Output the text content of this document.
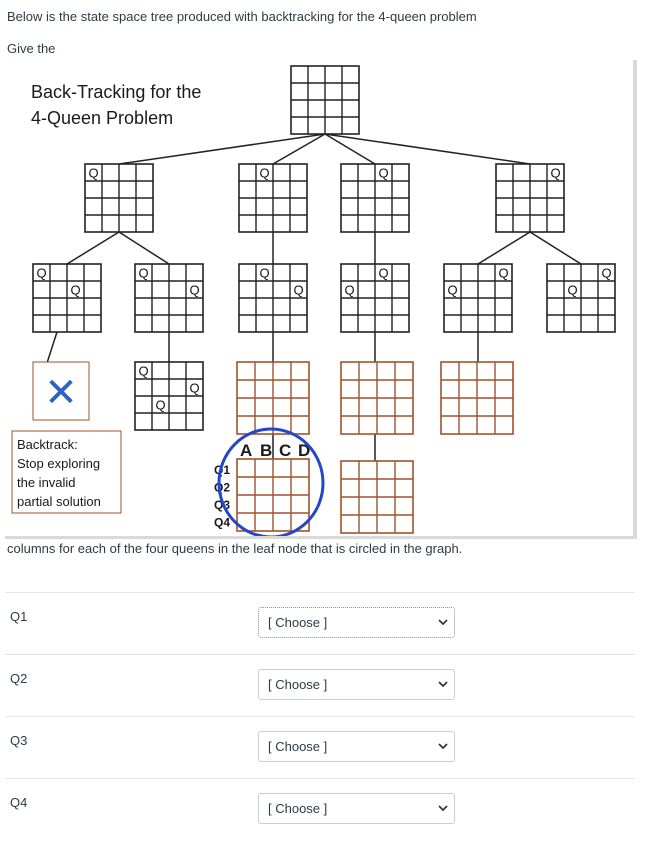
Below is the state space tree produced with backtracking for the 4-queen problem
Give the
Q	Q	Q	Q
Q
Q
Q
Q
Q
Q
Q
Q
Q
Q
Q
Q
Q
Q
Q
✕
Back-Tracking for the
4-Queen Problem
Backtrack:
Stop exploring
the invalid
partial solution
A B C D
Q1
Q2
Q3
Q4
columns for each of the four queens in the leaf node that is circled in the graph.
Q1	[ Choose ]
Q2	[ Choose ]
Q3	[ Choose ]
Q4	[ Choose ]
